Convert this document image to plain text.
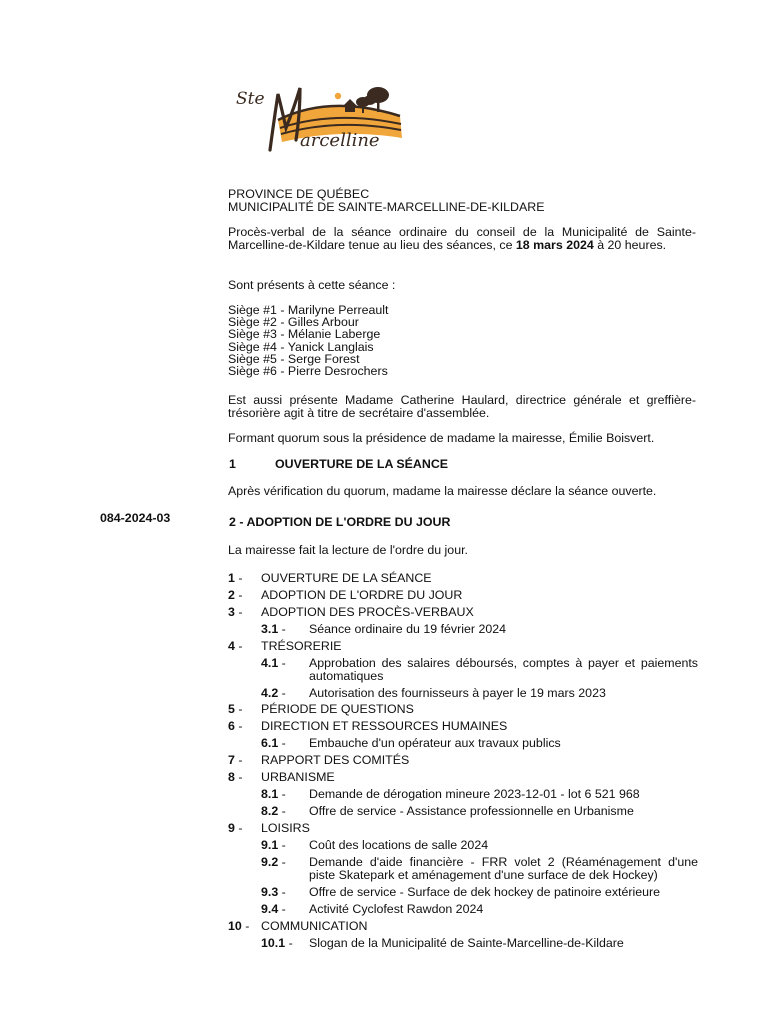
Ste
arcelline
PROVINCE DE QUÉBEC
MUNICIPALITÉ DE SAINTE-MARCELLINE-DE-KILDARE
Procès-verbal de la séance ordinaire du conseil de la Municipalité de Sainte-Marcelline-de-Kildare tenue au lieu des séances, ce 18 mars 2024 à 20 heures.
Sont présents à cette séance :
Siège #1 - Marilyne Perreault
Siège #2 - Gilles Arbour
Siège #3 - Mélanie Laberge
Siège #4 - Yanick Langlais
Siège #5 - Serge Forest
Siège #6 - Pierre Desrochers
Est aussi présente Madame Catherine Haulard, directrice générale et greffière-trésorière agit à titre de secrétaire d'assemblée.
Formant quorum sous la présidence de madame la mairesse, Émilie Boisvert.
1	OUVERTURE DE LA SÉANCE
Après vérification du quorum, madame la mairesse déclare la séance ouverte.
084-2024-03	2 - ADOPTION DE L'ORDRE DU JOUR
La mairesse fait la lecture de l'ordre du jour.
1 -	OUVERTURE DE LA SÉANCE
2 -	ADOPTION DE L'ORDRE DU JOUR
3 -	ADOPTION DES PROCÈS-VERBAUX
3.1 -	Séance ordinaire du 19 février 2024
4 -	TRÉSORERIE
4.1 -	Approbation des salaires déboursés, comptes à payer et paiements automatiques
4.2 -	Autorisation des fournisseurs à payer le 19 mars 2023
5 -	PÉRIODE DE QUESTIONS
6 -	DIRECTION ET RESSOURCES HUMAINES
6.1 -	Embauche d'un opérateur aux travaux publics
7 -	RAPPORT DES COMITÉS
8 -	URBANISME
8.1 -	Demande de dérogation mineure 2023-12-01 - lot 6 521 968
8.2 -	Offre de service - Assistance professionnelle en Urbanisme
9 -	LOISIRS
9.1 -	Coût des locations de salle 2024
9.2 -	Demande d'aide financière - FRR volet 2 (Réaménagement d'une piste Skatepark et aménagement d'une surface de dek Hockey)
9.3 -	Offre de service - Surface de dek hockey de patinoire extérieure
9.4 -	Activité Cyclofest Rawdon 2024
10 - COMMUNICATION
10.1 -	Slogan de la Municipalité de Sainte-Marcelline-de-Kildare
